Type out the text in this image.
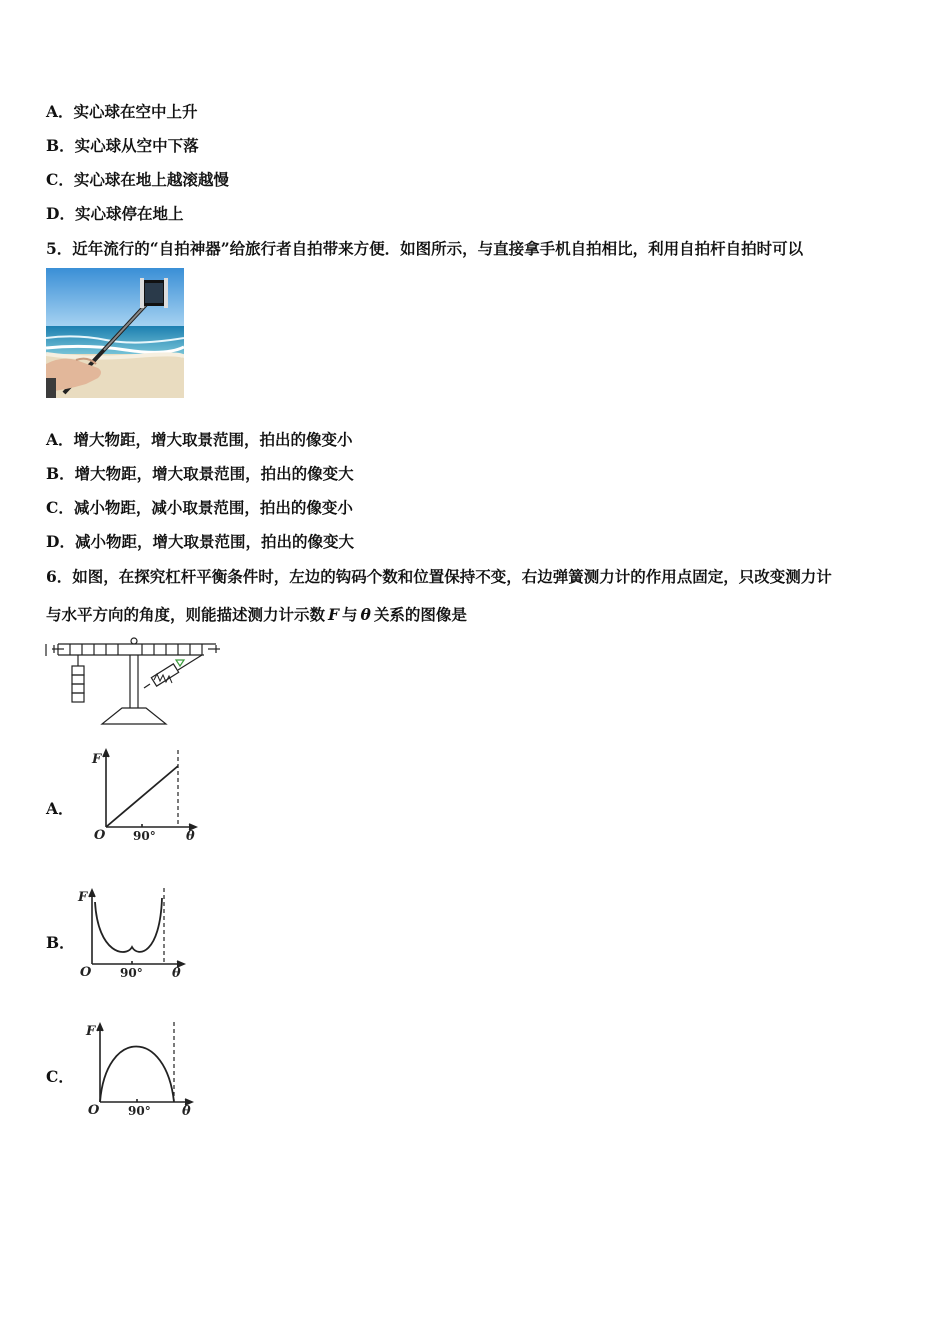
A．实心球在空中上升
B．实心球从空中下落
C．实心球在地上越滚越慢
D．实心球停在地上
5．近年流行的“自拍神器”给旅行者自拍带来方便．如图所示，与直接拿手机自拍相比，利用自拍杆自拍时可以
A．增大物距，增大取景范围，拍出的像变小
B．增大物距，增大取景范围，拍出的像变大
C．减小物距，减小取景范围，拍出的像变小
D．减小物距，增大取景范围，拍出的像变大
6．如图，在探究杠杆平衡条件时，左边的钩码个数和位置保持不变，右边弹簧测力计的作用点固定，只改变测力计
与水平方向的角度，则能描述测力计示数 F 与 θ 关系的图像是
A．
F
O 90° θ
B．
F
O 90° θ
C．
F
O 90° θ
